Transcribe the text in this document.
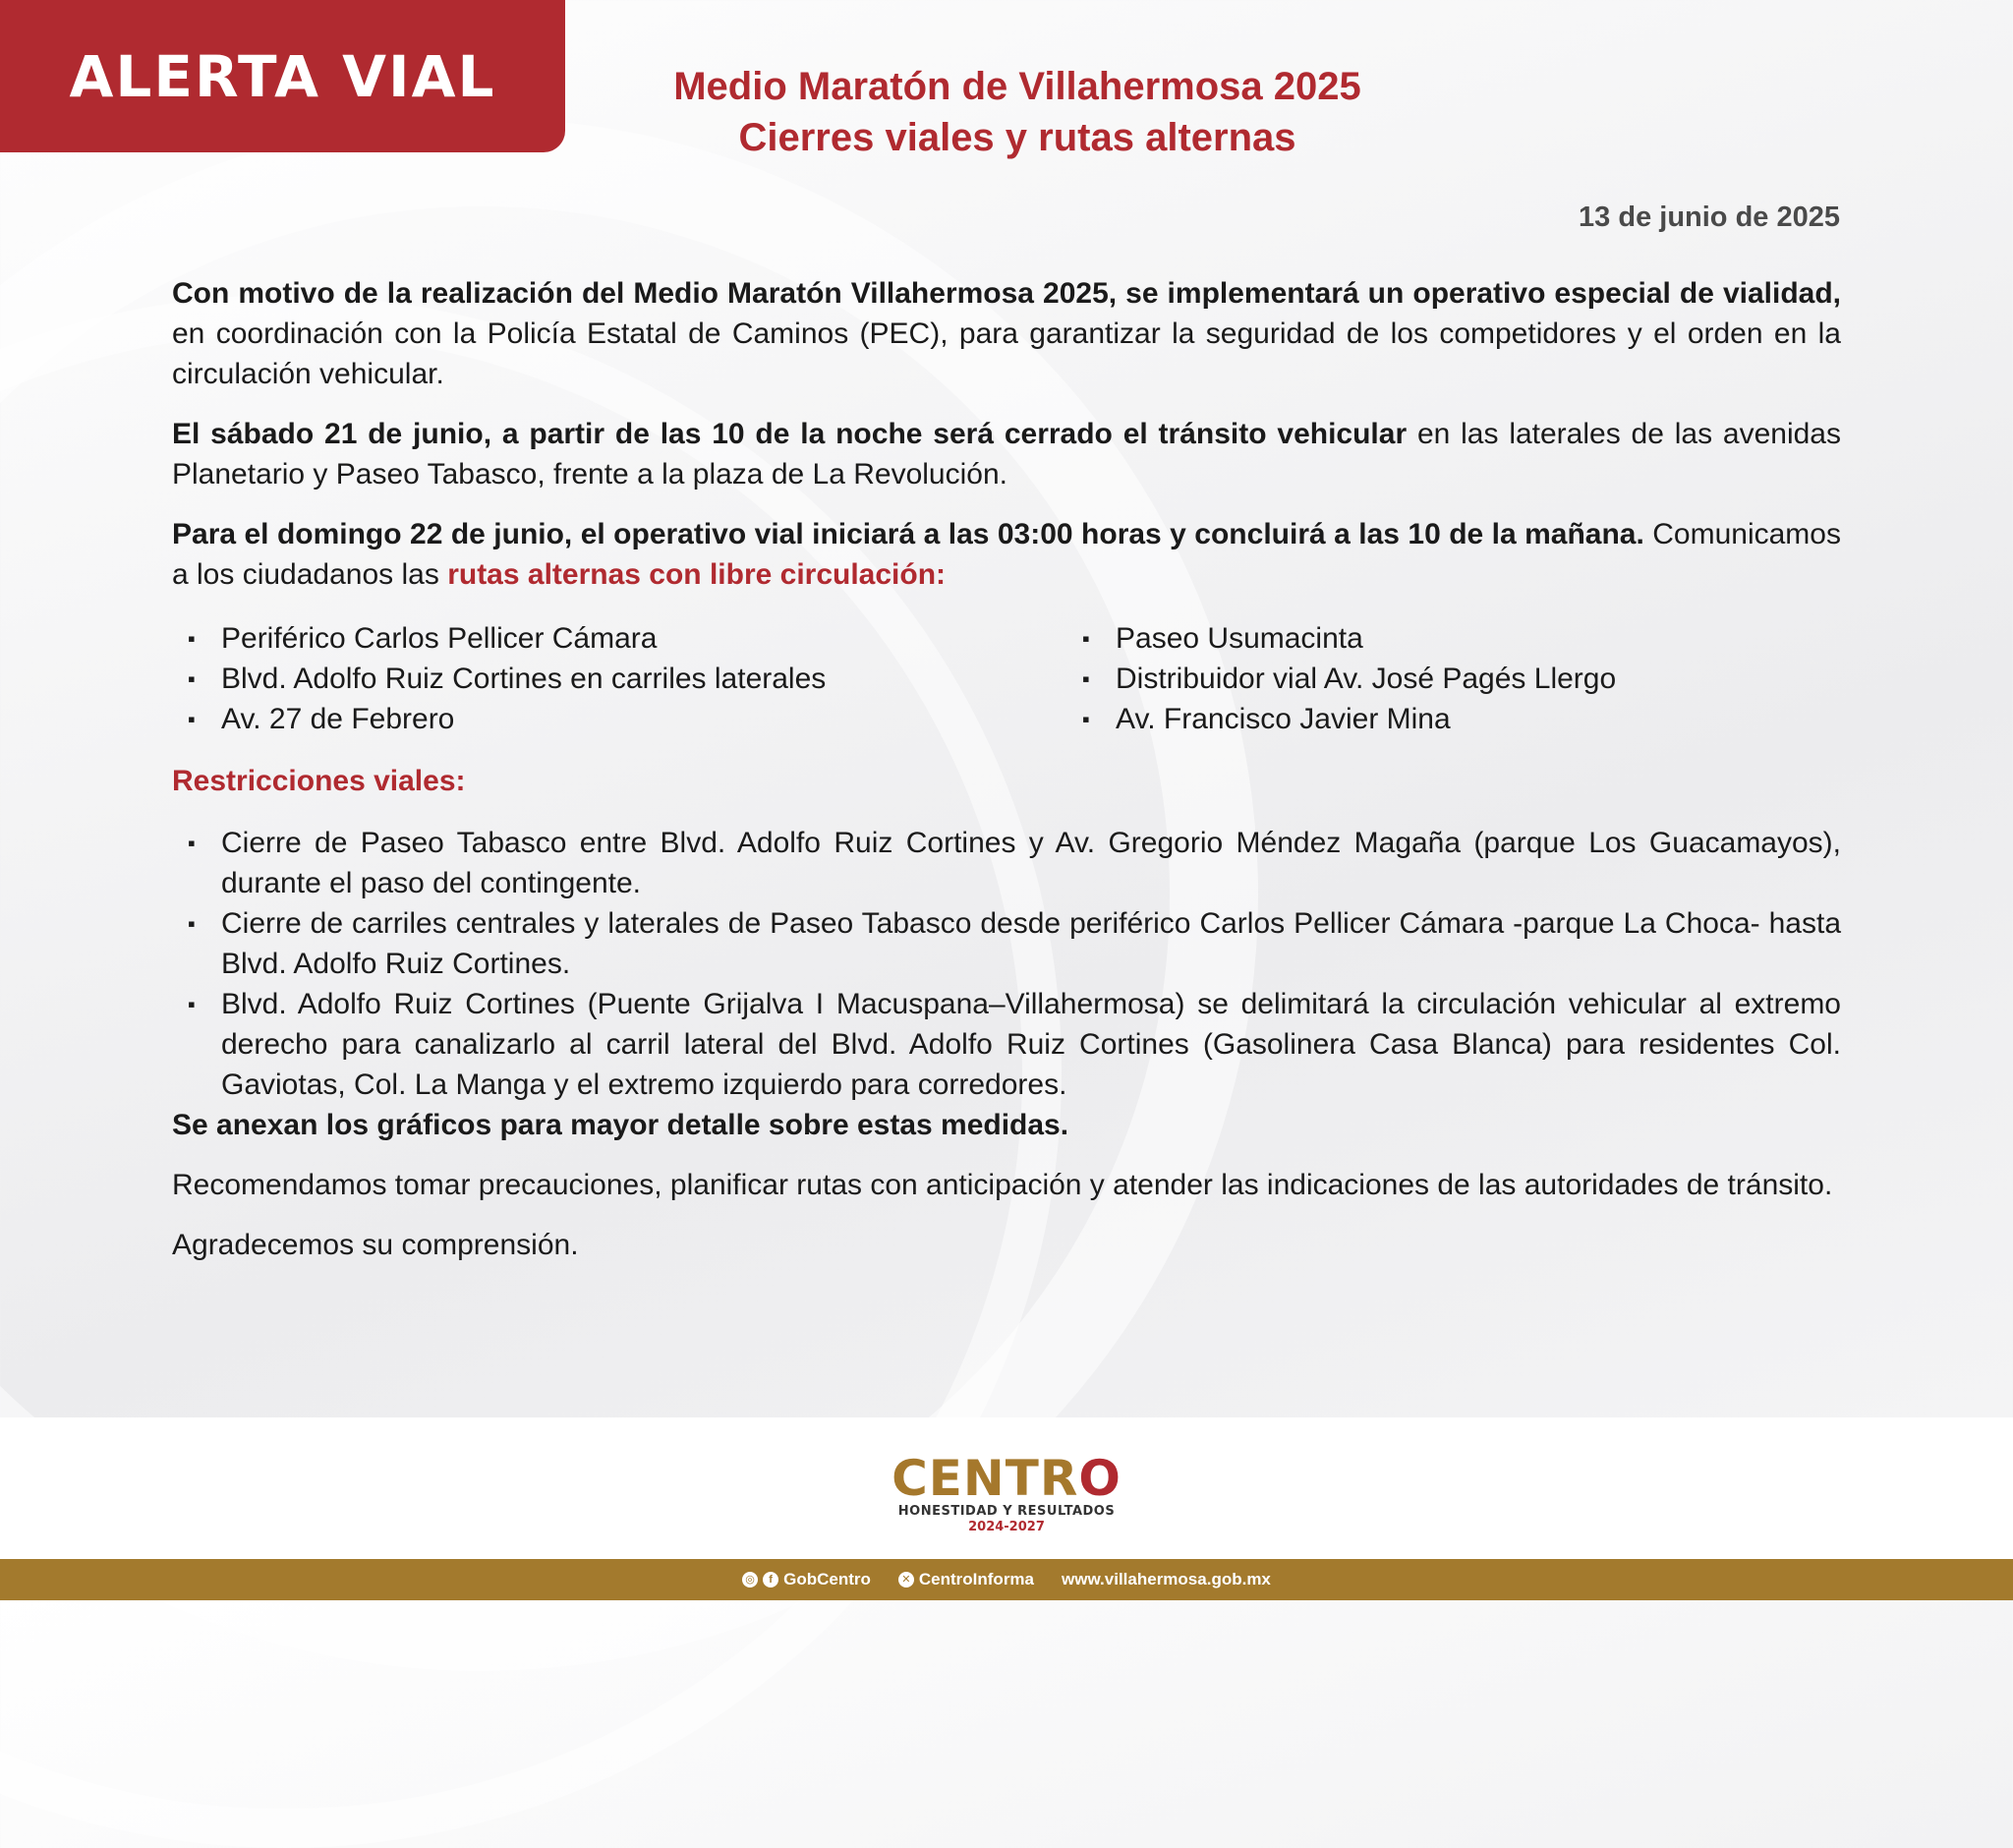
ALERTA VIAL	Medio Maratón de Villahermosa 2025
Cierres viales y rutas alternas
13 de junio de 2025

Con motivo de la realización del Medio Maratón Villahermosa 2025, se implementará un operativo especial de vialidad, en coordinación con la Policía Estatal de Caminos (PEC), para garantizar la seguridad de los competidores y el orden en la circulación vehicular.

El sábado 21 de junio, a partir de las 10 de la noche será cerrado el tránsito vehicular en las laterales de las avenidas Planetario y Paseo Tabasco, frente a la plaza de La Revolución.

Para el domingo 22 de junio, el operativo vial iniciará a las 03:00 horas y concluirá a las 10 de la mañana. Comunicamos a los ciudadanos las rutas alternas con libre circulación:

▪ Periférico Carlos Pellicer Cámara
▪ Blvd. Adolfo Ruiz Cortines en carriles laterales
▪ Av. 27 de Febrero
▪ Paseo Usumacinta
▪ Distribuidor vial Av. José Pagés Llergo
▪ Av. Francisco Javier Mina
Restricciones viales:
▪ Cierre de Paseo Tabasco entre Blvd. Adolfo Ruiz Cortines y Av. Gregorio Méndez Magaña (parque Los Guacamayos), durante el paso del contingente.
▪ Cierre de carriles centrales y laterales de Paseo Tabasco desde periférico Carlos Pellicer Cámara -parque La Choca- hasta Blvd. Adolfo Ruiz Cortines.
▪ Blvd. Adolfo Ruiz Cortines (Puente Grijalva I Macuspana–Villahermosa) se delimitará la circulación vehicular al extremo derecho para canalizarlo al carril lateral del Blvd. Adolfo Ruiz Cortines (Gasolinera Casa Blanca) para residentes Col. Gaviotas, Col. La Manga y el extremo izquierdo para corredores.

Se anexan los gráficos para mayor detalle sobre estas medidas.

Recomendamos tomar precauciones, planificar rutas con anticipación y atender las indicaciones de las autoridades de tránsito.

Agradecemos su comprensión.

CENTRO
HONESTIDAD Y RESULTADOS
2024-2027
◎	f GobCentro	✕ CentroInforma www.villahermosa.gob.mx
